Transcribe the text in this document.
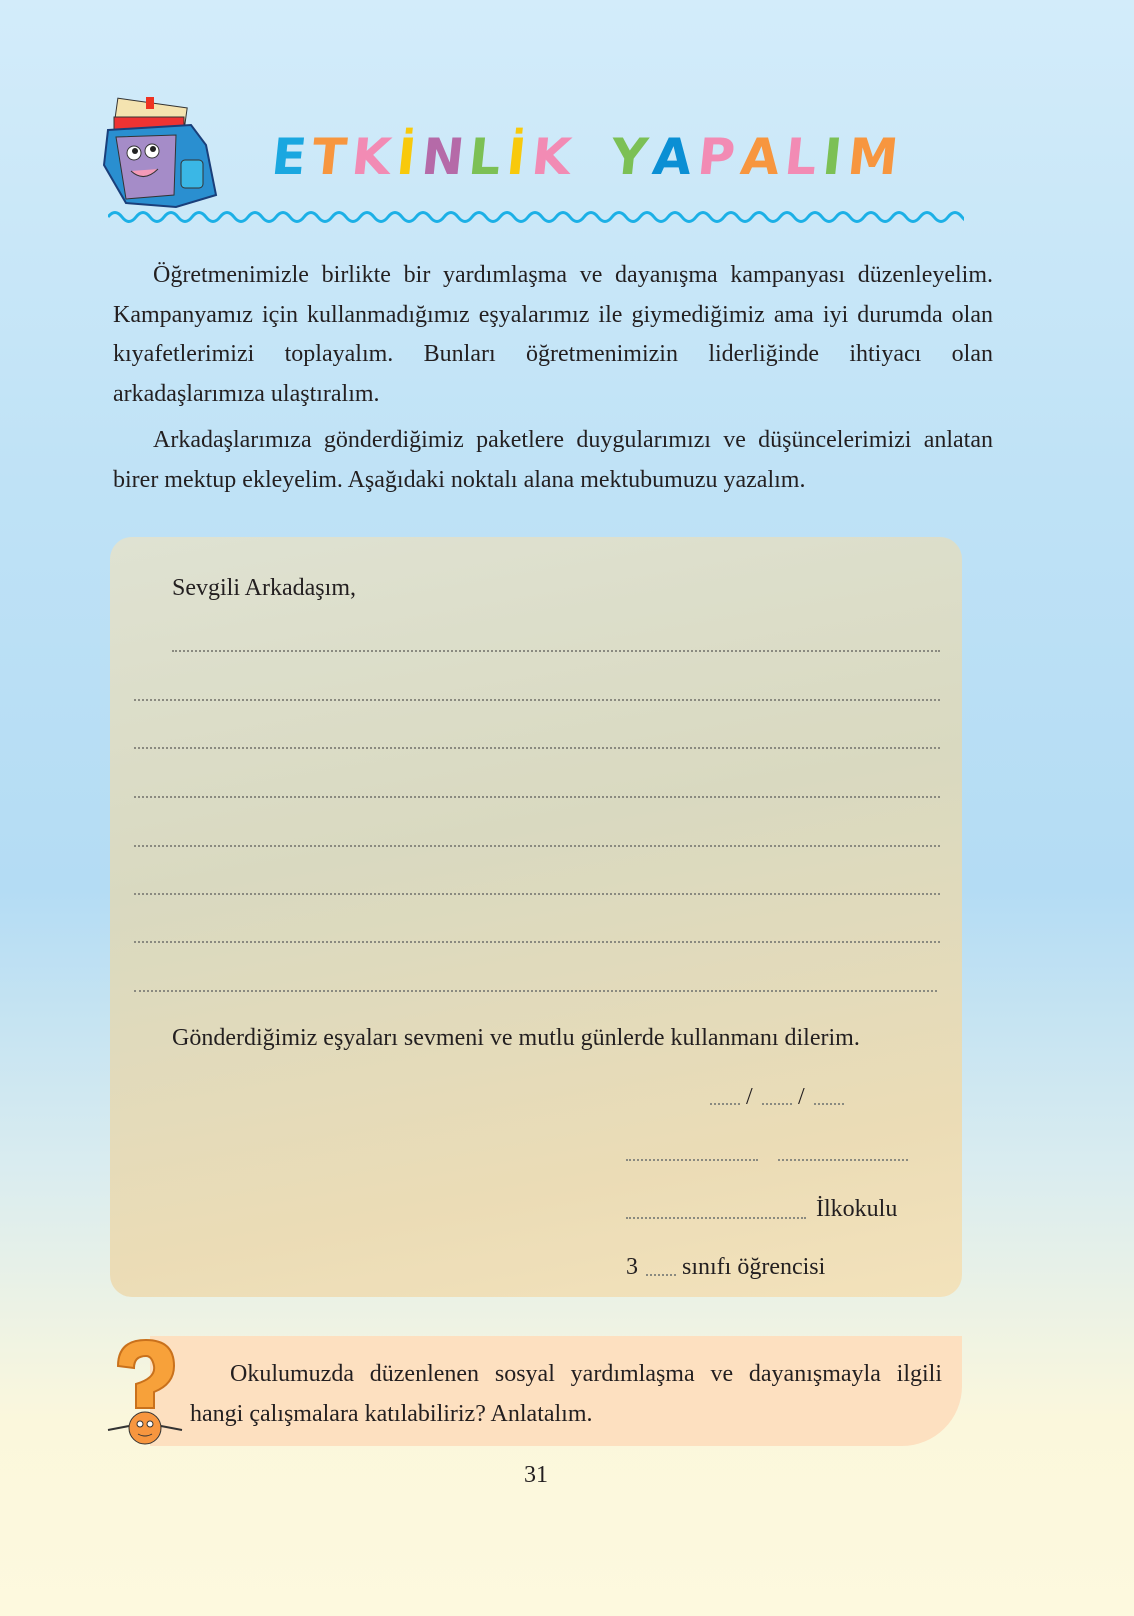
ETKİNLİK YAPALIM

Öğretmenimizle birlikte bir yardımlaşma ve dayanışma kampanyası düzenleyelim. Kampanyamız için kullanmadığımız eşyalarımız ile giymediğimiz ama iyi durumda olan kıyafetlerimizi toplayalım. Bunları öğretmenimizin liderliğinde ihtiyacı olan arkadaşlarımıza ulaştıralım.

Arkadaşlarımıza gönderdiğimiz paketlere duygularımızı ve düşüncelerimizi anlatan birer mektup ekleyelim. Aşağıdaki noktalı alana mektubumuzu yazalım.

Sevgili Arkadaşım,
Gönderdiğimiz eşyaları sevmeni ve mutlu günlerde kullanmanı dilerim.
/ /
İlkokulu
3 sınıfı öğrencisi
Okulumuzda düzenlenen sosyal yardımlaşma ve dayanışmayla ilgili hangi çalışmalara katılabiliriz? Anlatalım.
31
